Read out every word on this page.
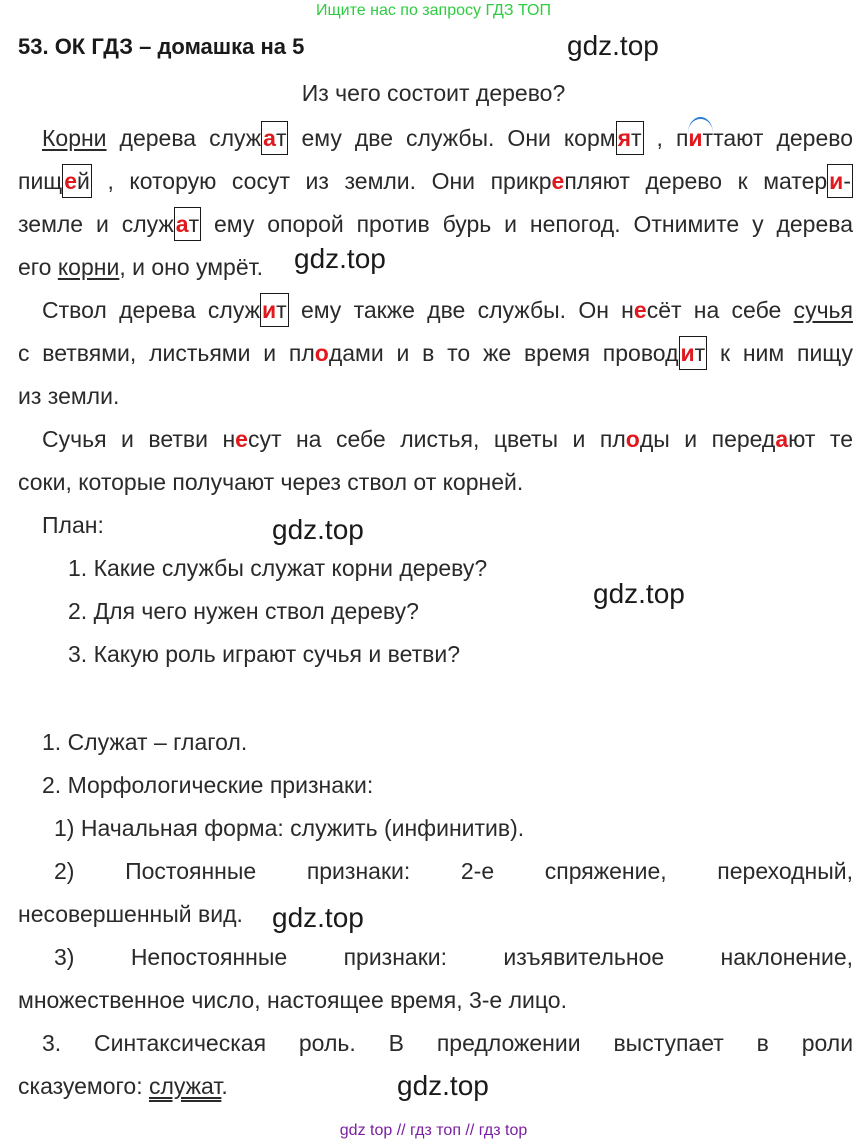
Ищите нас по запросу ГДЗ ТОП
53. ОК ГДЗ – домашка на 5	gdz.top
Из чего состоит дерево?
Корни дерева служат ему две службы. Они кормят , питтают дерево
пищей , которую сосут из земли. Они прикрепляют дерево к матери-
земле и служат ему опорой против бурь и непогод. Отнимите у дерева
его корни, и оно умрёт. gdz.top
Ствол дерева служит ему также две службы. Он несёт на себе сучья
с ветвями, листьями и плодами и в то же время проводит к ним пищу
из земли.
Сучья и ветви несут на себе листья, цветы и плоды и передают те
соки, которые получают через ствол от корней.
План:	gdz.top
1. Какие службы служат корни дереву?
2. Для чего нужен ствол дереву?
gdz.top
3. Какую роль играют сучья и ветви?
1. Служат – глагол.
2. Морфологические признаки:
1) Начальная форма: служить (инфинитив).
2) Постоянные признаки: 2-е спряжение, переходный,
несовершенный вид. gdz.top
3) Непостоянные признаки: изъявительное наклонение,
множественное число, настоящее время, 3-е лицо.
3. Синтаксическая роль. В предложении выступает в роли
сказуемого: служат.	gdz.top
gdz top // гдз топ // гдз top
